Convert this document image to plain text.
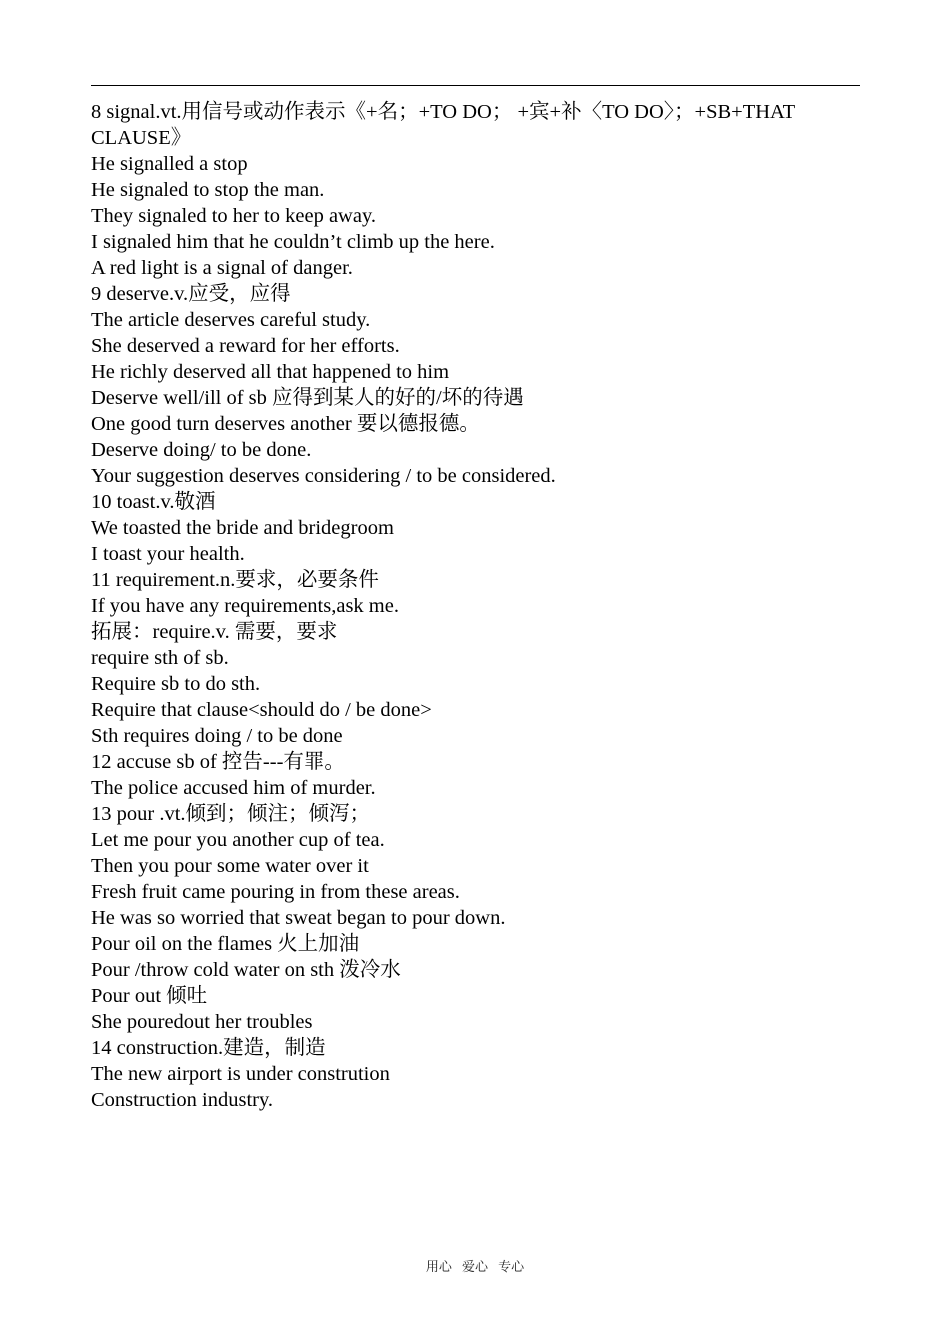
8 signal.vt.用信号或动作表示《+名；+TO DO； +宾+补〈TO DO〉；+SB+THAT CLAUSE》
He signalled a stop
He signaled to stop the man.
They signaled to her to keep away.
I signaled him that he couldn’t climb up the here.
A red light is a signal of danger.
9 deserve.v.应受，应得
The article deserves careful study.
She deserved a reward for her efforts.
He richly deserved all that happened to him
Deserve well/ill of sb 应得到某人的好的/坏的待遇
One good turn deserves another 要以德报德。
Deserve doing/ to be done.
Your suggestion deserves considering / to be considered.
10 toast.v.敬酒
We toasted the bride and bridegroom
I toast your health.
11 requirement.n.要求，必要条件
If you have any requirements,ask me.
拓展：require.v. 需要，要求
require sth of sb.
Require sb to do sth.
Require that clause<should do / be done>
Sth requires doing / to be done
12 accuse sb of 控告---有罪。
The police accused him of murder.
13 pour .vt.倾到；倾注；倾泻；
Let me pour you another cup of tea.
Then you pour some water over it
Fresh fruit came pouring in from these areas.
He was so worried that sweat began to pour down.
Pour oil on the flames 火上加油
Pour /throw cold water on sth 泼冷水
Pour out 倾吐
She pouredout her troubles
14 construction.建造，制造
The new airport is under constrution
Construction industry.
用心 爱心 专心
